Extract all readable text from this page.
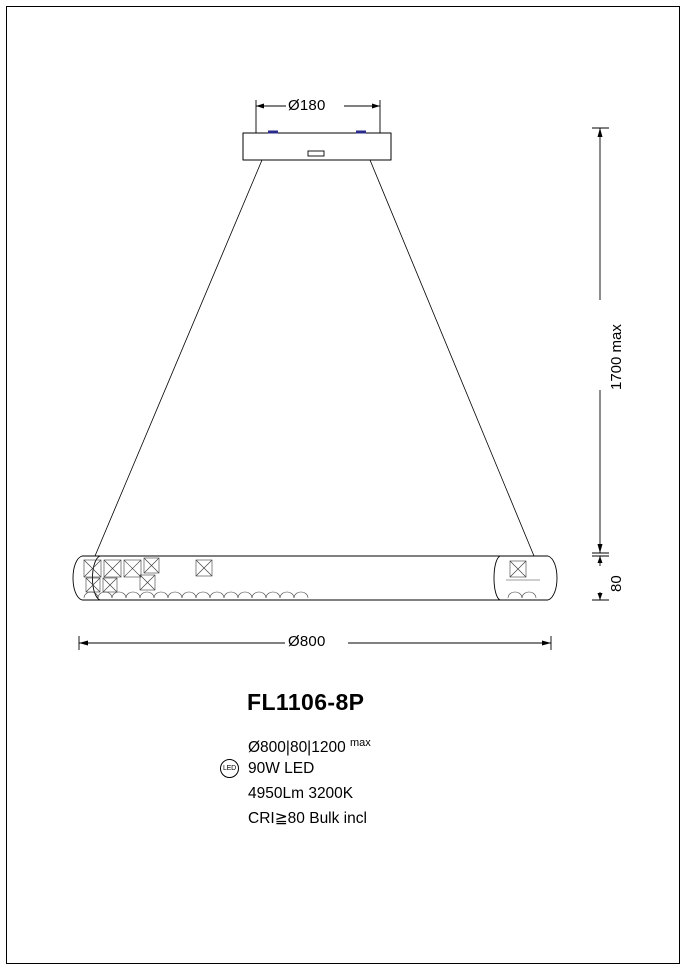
Ø180
Ø800
1700 max
80
FL1106-8P
Ø800|80|1200 $^{max}$
LED 90W LED
4950Lm 3200K
CRI≧80 Bulk incl
